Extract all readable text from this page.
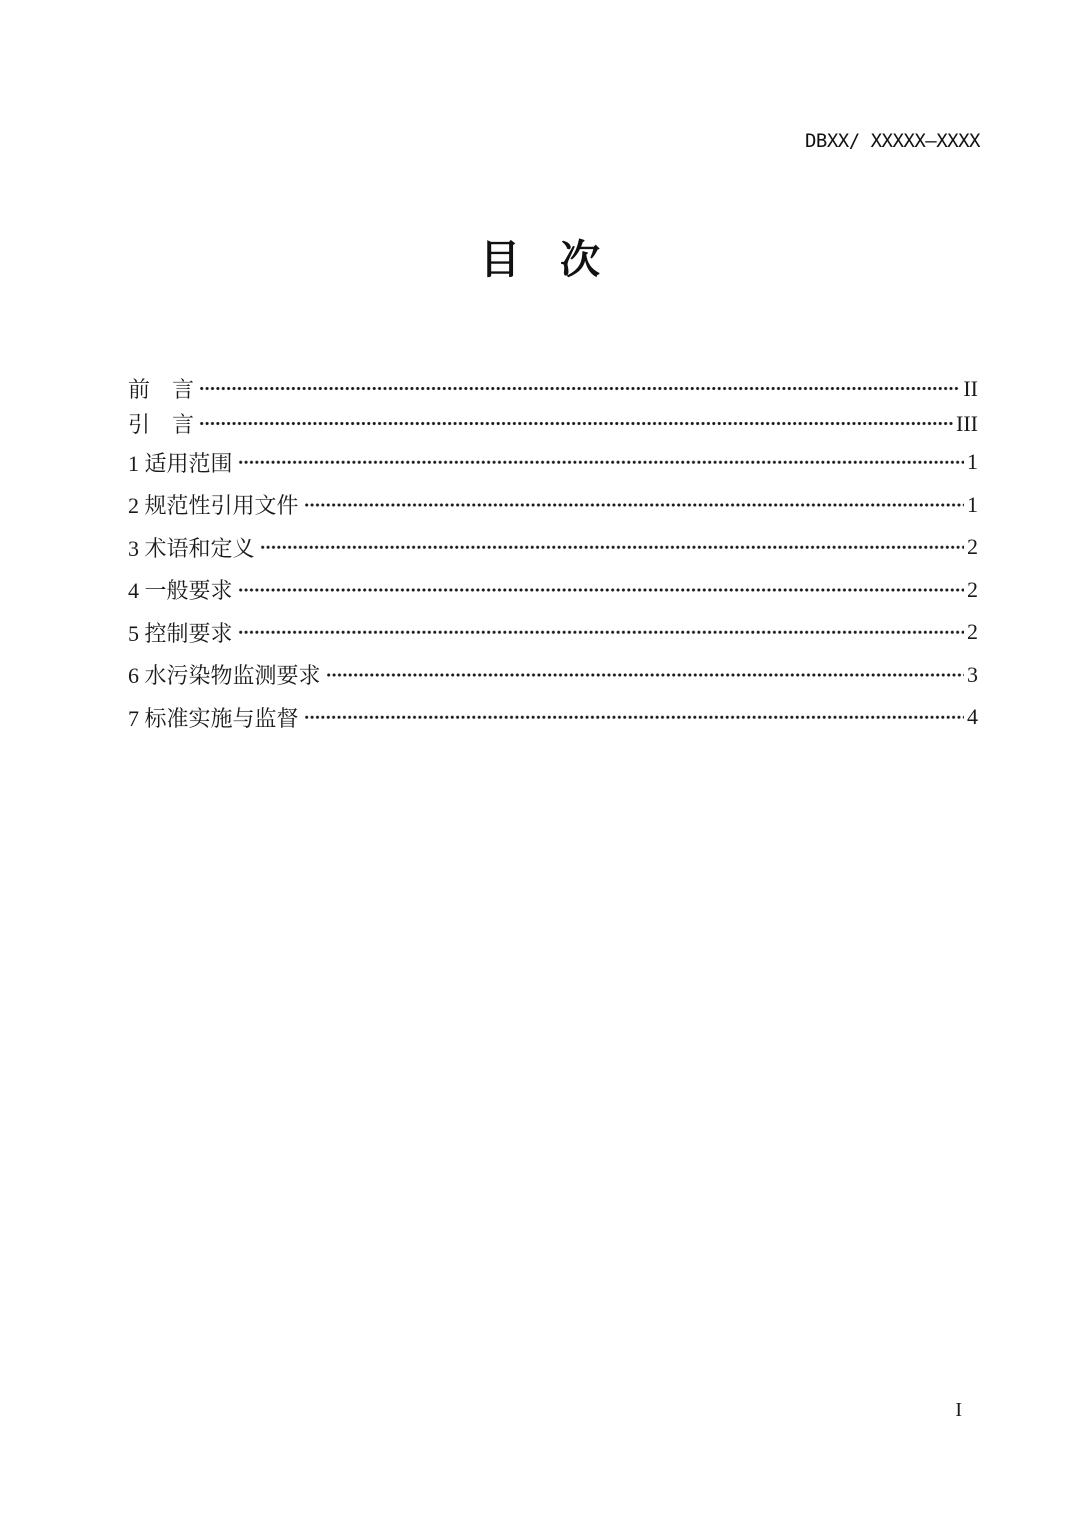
DBXX/ XXXXX—XXXX
目　次
前　言	II
引　言	III
1 适用范围	1
2 规范性引用文件	1
3 术语和定义	2
4 一般要求	2
5 控制要求	2
6 水污染物监测要求	3
7 标准实施与监督	4
I
